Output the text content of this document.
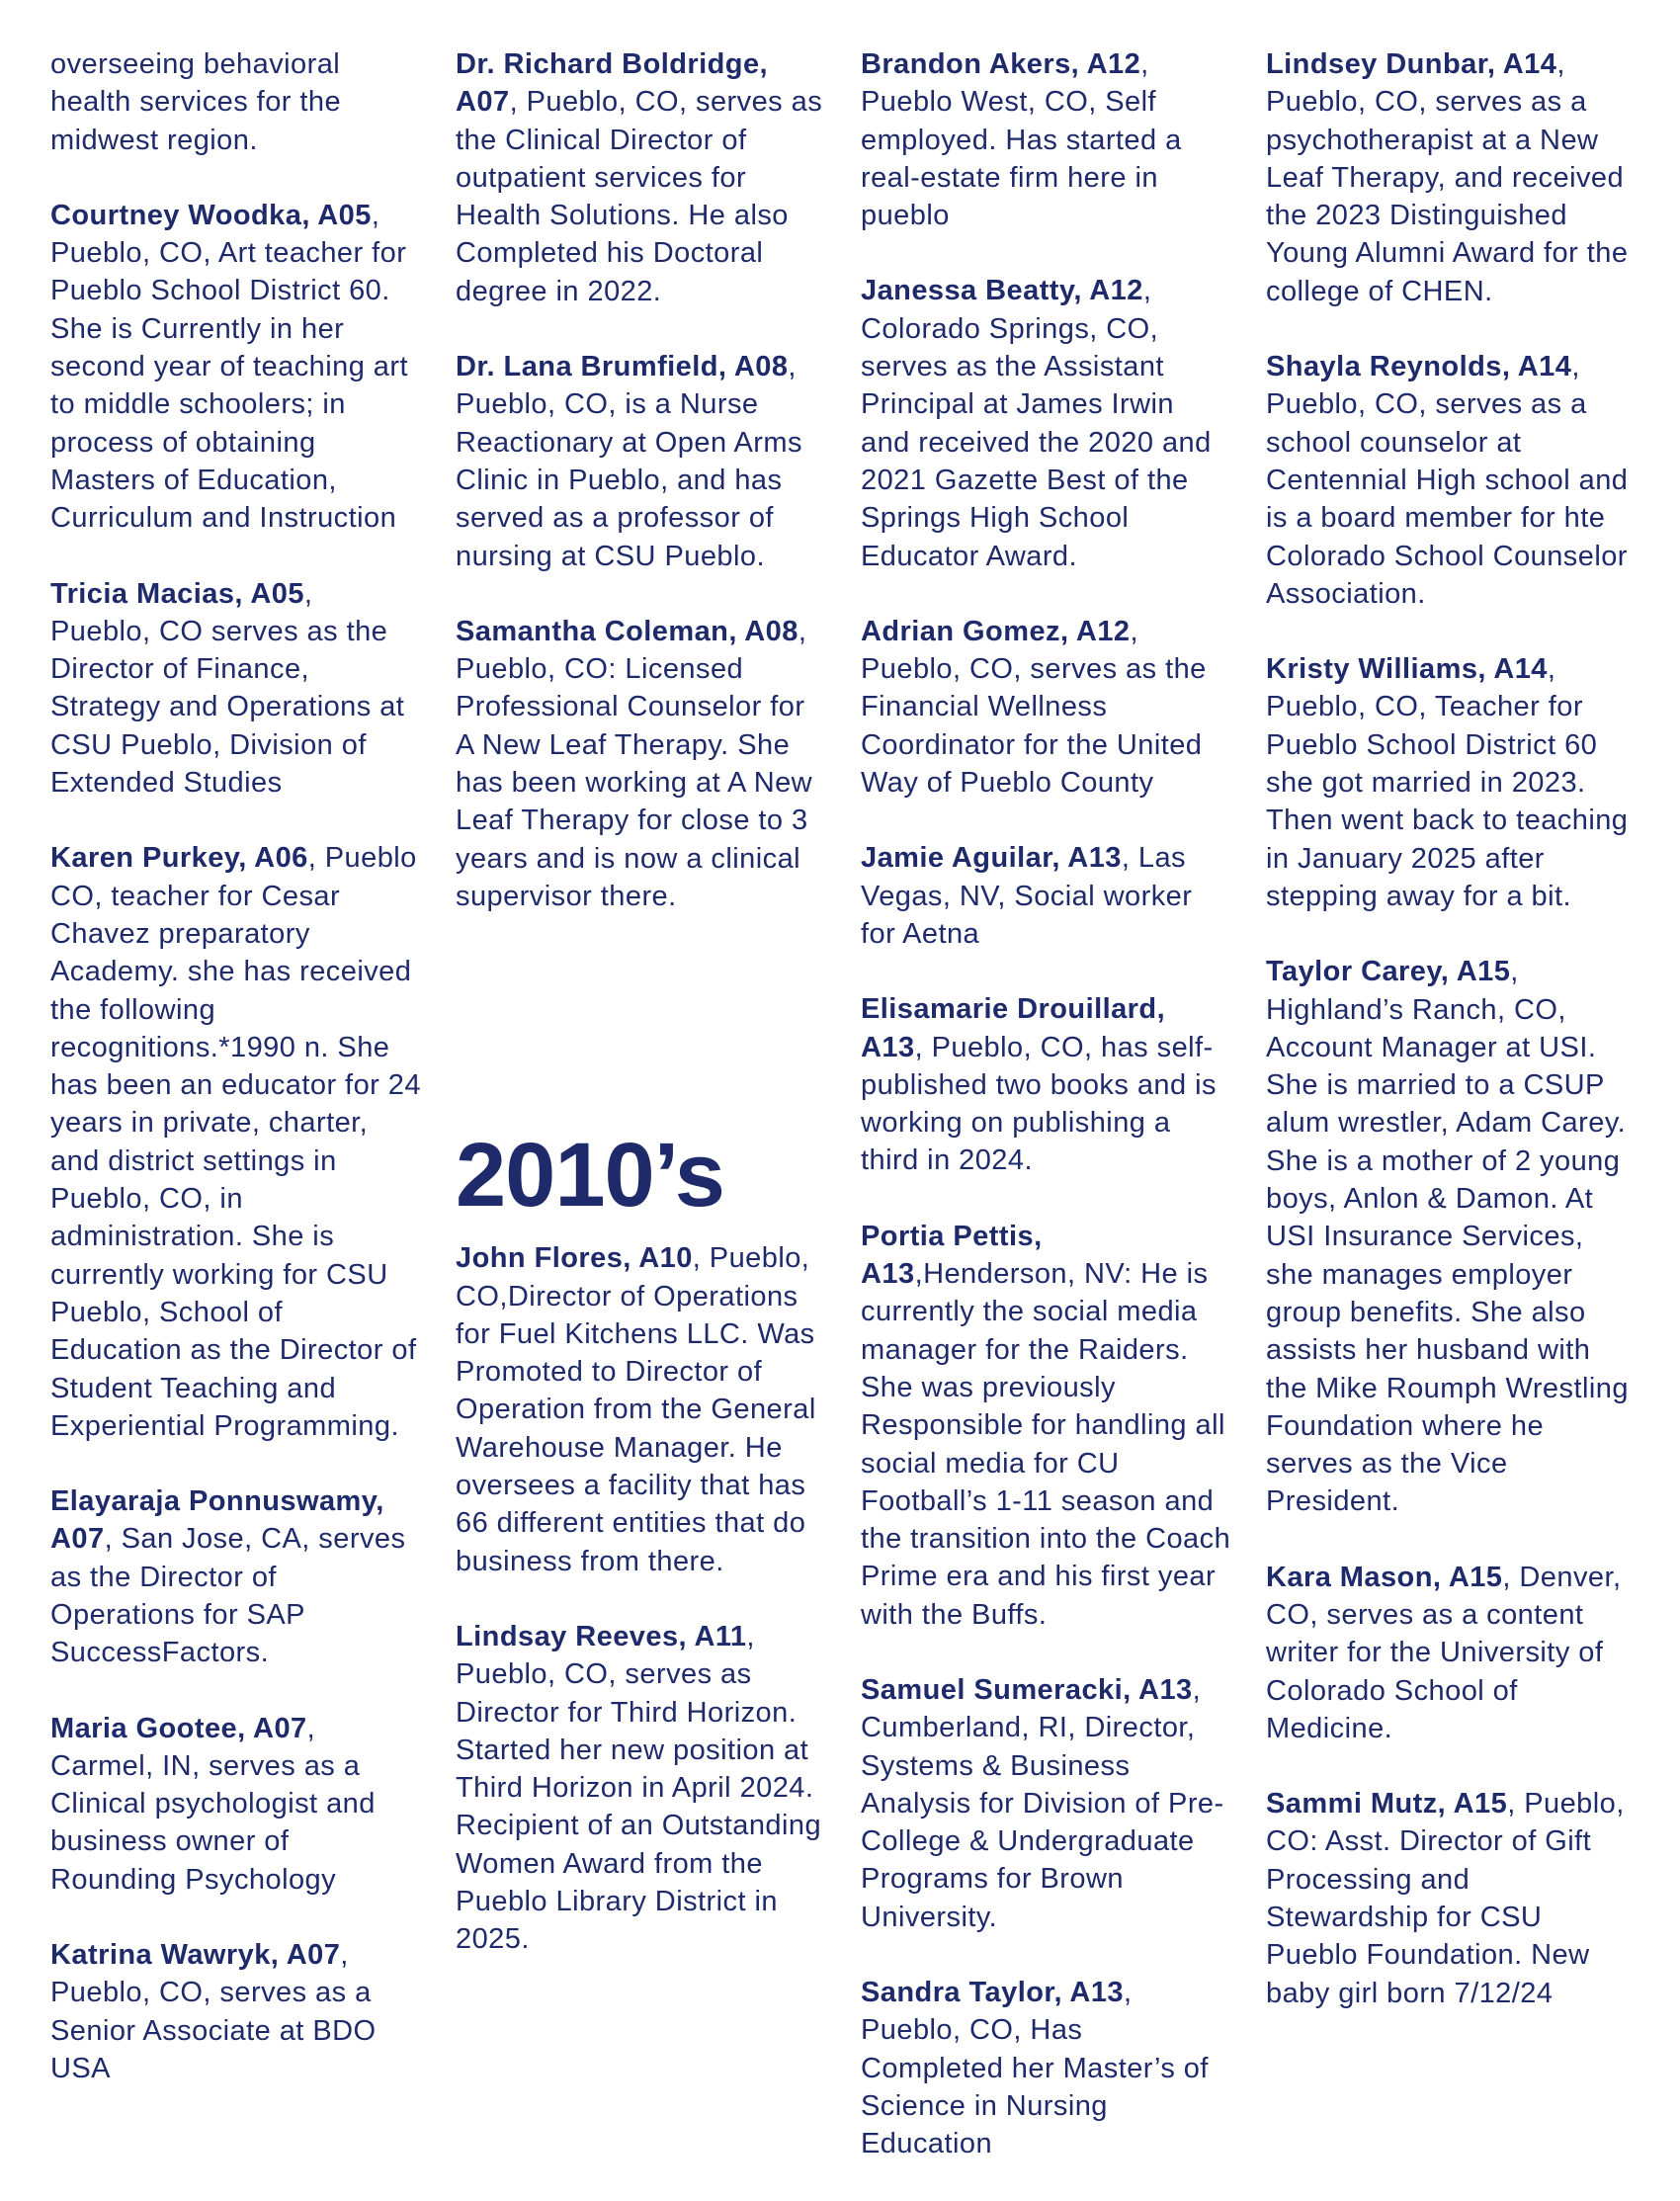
overseeing behavioral health services for the midwest region.

Courtney Woodka, A05, Pueblo, CO, Art teacher for Pueblo School District 60. She is Currently in her second year of teaching art to middle schoolers; in process of obtaining Masters of Education, Curriculum and Instruction

Tricia Macias, A05, Pueblo, CO serves as the Director of Finance, Strategy and Operations at CSU Pueblo, Division of Extended Studies

Karen Purkey, A06, Pueblo CO, teacher for Cesar Chavez preparatory Academy. she has received the following recognitions.*1990 n. She has been an educator for 24 years in private, charter, and district settings in Pueblo, CO, in administration. She is currently working for CSU Pueblo, School of Education as the Director of Student Teaching and Experiential Programming.

Elayaraja Ponnuswamy, A07, San Jose, CA, serves as the Director of Operations for SAP SuccessFactors.

Maria Gootee, A07, Carmel, IN, serves as a Clinical psychologist and business owner of Rounding Psychology

Katrina Wawryk, A07, Pueblo, CO, serves as a Senior Associate at BDO USA

Dr. Richard Boldridge, A07, Pueblo, CO, serves as the Clinical Director of outpatient services for Health Solutions. He also Completed his Doctoral degree in 2022.

Dr. Lana Brumfield, A08, Pueblo, CO, is a Nurse Reactionary at Open Arms Clinic in Pueblo, and has served as a professor of nursing at CSU Pueblo.

Samantha Coleman, A08, Pueblo, CO: Licensed Professional Counselor for A New Leaf Therapy. She has been working at A New Leaf Therapy for close to 3 years and is now a clinical supervisor there.

2010’s

John Flores, A10, Pueblo, CO,Director of Operations for Fuel Kitchens LLC. Was Promoted to Director of Operation from the General Warehouse Manager. He oversees a facility that has 66 different entities that do business from there.

Lindsay Reeves, A11, Pueblo, CO, serves as Director for Third Horizon. Started her new position at Third Horizon in April 2024. Recipient of an Outstanding Women Award from the Pueblo Library District in 2025.

Brandon Akers, A12, Pueblo West, CO, Self employed. Has started a real-estate firm here in pueblo

Janessa Beatty, A12, Colorado Springs, CO, serves as the Assistant Principal at James Irwin and received the 2020 and 2021 Gazette Best of the Springs High School Educator Award.

Adrian Gomez, A12, Pueblo, CO, serves as the Financial Wellness Coordinator for the United Way of Pueblo County

Jamie Aguilar, A13, Las Vegas, NV, Social worker for Aetna

Elisamarie Drouillard, A13, Pueblo, CO, has self-published two books and is working on publishing a third in 2024.

Portia Pettis, A13,Henderson, NV: He is currently the social media manager for the Raiders. She was previously Responsible for handling all social media for CU Football’s 1-11 season and the transition into the Coach Prime era and his first year with the Buffs.

Samuel Sumeracki, A13, Cumberland, RI, Director, Systems & Business Analysis for Division of Pre-College & Undergraduate Programs for Brown University.

Sandra Taylor, A13, Pueblo, CO, Has Completed her Master’s of Science in Nursing Education

Lindsey Dunbar, A14, Pueblo, CO, serves as a psychotherapist at a New Leaf Therapy, and received the 2023 Distinguished Young Alumni Award for the college of CHEN.

Shayla Reynolds, A14, Pueblo, CO, serves as a school counselor at Centennial High school and is a board member for hte Colorado School Counselor Association.

Kristy Williams, A14, Pueblo, CO, Teacher for Pueblo School District 60 she got married in 2023. Then went back to teaching in January 2025 after stepping away for a bit.

Taylor Carey, A15, Highland’s Ranch, CO, Account Manager at USI. She is married to a CSUP alum wrestler, Adam Carey. She is a mother of 2 young boys, Anlon & Damon. At USI Insurance Services, she manages employer group benefits. She also assists her husband with the Mike Roumph Wrestling Foundation where he serves as the Vice President.

Kara Mason, A15, Denver, CO, serves as a content writer for the University of Colorado School of Medicine.

Sammi Mutz, A15, Pueblo, CO: Asst. Director of Gift Processing and Stewardship for CSU Pueblo Foundation. New baby girl born 7/12/24
